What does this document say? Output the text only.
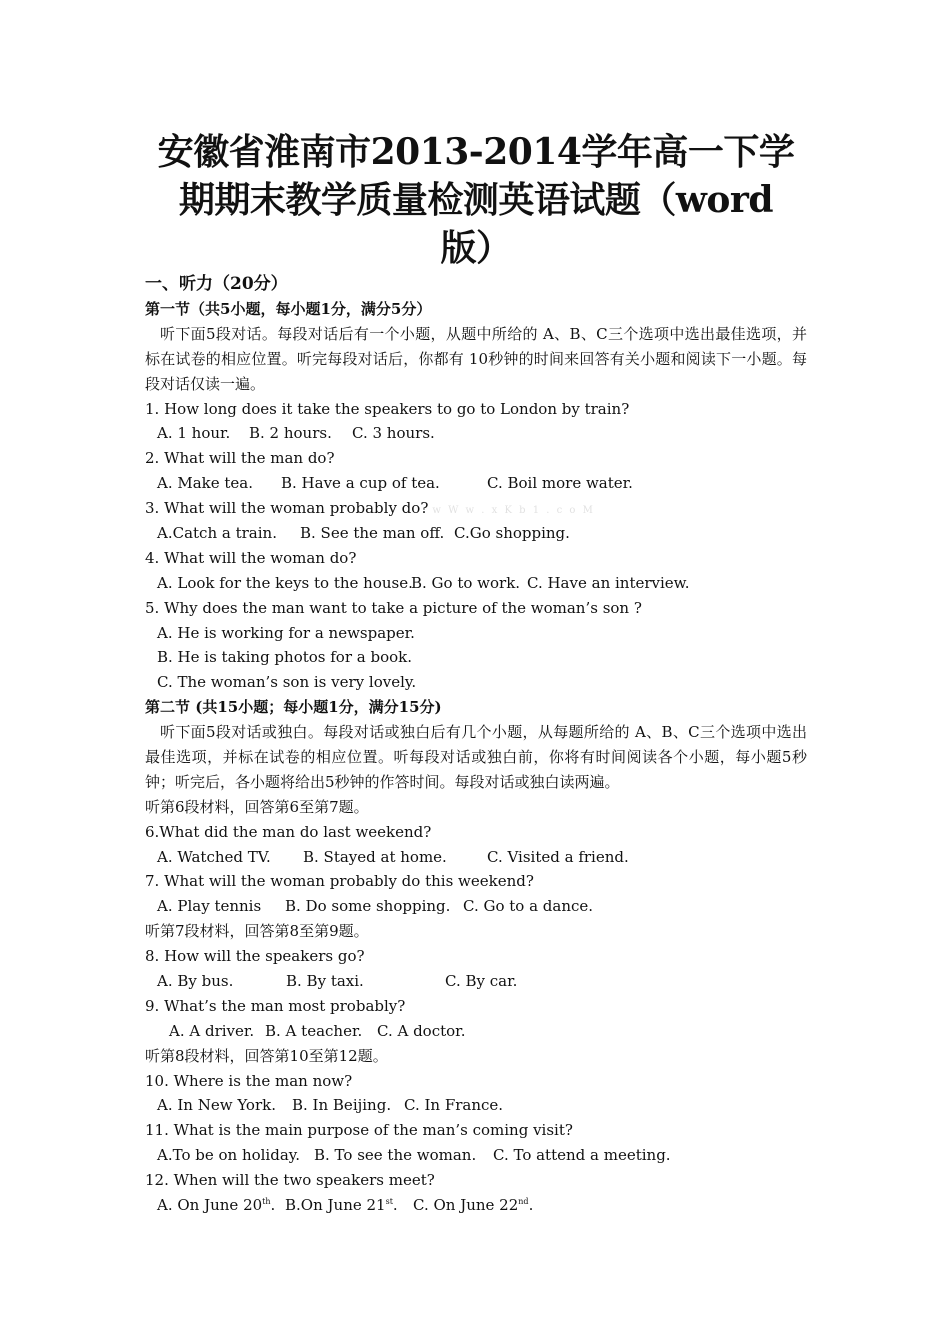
安徽省淮南市2013-2014学年高一下学
期期末教学质量检测英语试题（word
版）
一、听力（20分）
第一节（共5小题，每小题1分，满分5分）
听下面5段对话。每段对话后有一个小题，从题中所给的 A、B、C三个选项中选出最佳选项，并标在试卷的相应位置。听完每段对话后，你都有 10秒钟的时间来回答有关小题和阅读下一小题。每段对话仅读一遍。
1. How long does it take the speakers to go to London by train?
A. 1 hour. B. 2 hours. C. 3 hours.
2. What will the man do?
A. Make tea. B. Have a cup of tea.	C. Boil more water.
3. What will the woman probably do? w W w . x K b 1 . c o M
A.Catch a train. B. See the man off. C.Go shopping.
4. What will the woman do?
A. Look for the keys to the house.B. Go to work. C. Have an interview.
5. Why does the man want to take a picture of the woman’s son ?
A. He is working for a newspaper.
B. He is taking photos for a book.
C. The woman’s son is very lovely.
第二节 (共15小题；每小题1分，满分15分)
听下面5段对话或独白。每段对话或独白后有几个小题，从每题所给的 A、B、C三个选项中选出最佳选项，并标在试卷的相应位置。听每段对话或独白前，你将有时间阅读各个小题，每小题5秒钟；听完后，各小题将给出5秒钟的作答时间。每段对话或独白读两遍。
听第6段材料，回答第6至第7题。
6.What did the man do last weekend?
A. Watched TV. B. Stayed at home.	C. Visited a friend.
7. What will the woman probably do this weekend?
A. Play tennis B. Do some shopping. C. Go to a dance.
听第7段材料，回答第8至第9题。
8. How will the speakers go?
A. By bus.	B. By taxi.	C. By car.
9. What’s the man most probably?
A. A driver. B. A teacher. C. A doctor.
听第8段材料，回答第10至第12题。
10. Where is the man now?
A. In New York. B. In Beijing. C. In France.
11. What is the main purpose of the man’s coming visit?
A.To be on holiday. B. To see the woman. C. To attend a meeting.
12. When will the two speakers meet?
A. On June 20th. B.On June 21st. C. On June 22nd.
